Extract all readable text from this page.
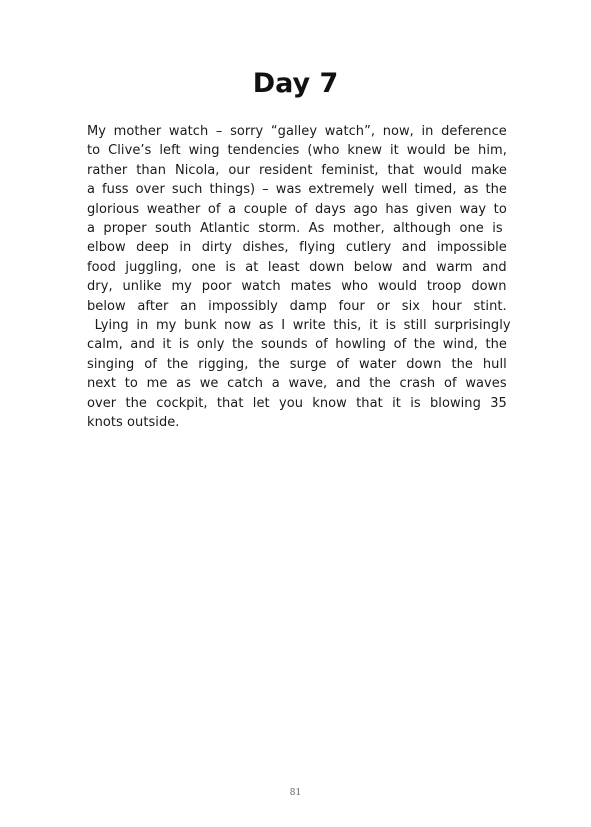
Day 7
My mother watch – sorry “galley watch”, now, in deference
to Clive’s left wing tendencies (who knew it would be him,
rather than Nicola, our resident feminist, that would make
a fuss over such things) – was extremely well timed, as the
glorious weather of a couple of days ago has given way to
a proper south Atlantic storm. As mother, although one is
elbow deep in dirty dishes, flying cutlery and impossible
food juggling, one is at least down below and warm and
dry, unlike my poor watch mates who would troop down
below after an impossibly damp four or six hour stint.
Lying in my bunk now as I write this, it is still surprisingly
calm, and it is only the sounds of howling of the wind, the
singing of the rigging, the surge of water down the hull
next to me as we catch a wave, and the crash of waves
over the cockpit, that let you know that it is blowing 35
knots outside.
81
